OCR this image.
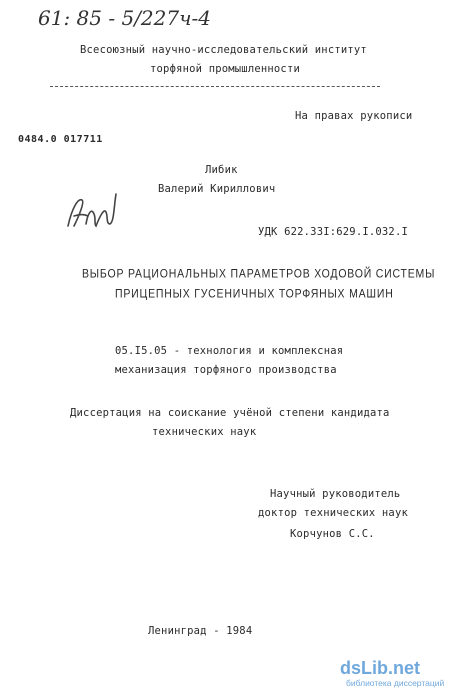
61: 85 - 5/227ч-4
Всесоюзный научно-исследовательский институт
торфяной промышленности
На правах рукописи
0484.0 017711
Либик
Валерий Кириллович
УДК 622.33I:629.I.032.I
ВЫБОР РАЦИОНАЛЬНЫХ ПАРАМЕТРОВ ХОДОВОЙ СИСТЕМЫ
ПРИЦЕПНЫХ ГУСЕНИЧНЫХ ТОРФЯНЫХ МАШИН
05.I5.05 - технология и комплексная
механизация торфяного производства
Диссертация на соискание учёной степени кандидата
технических наук
Научный руководитель
доктор технических наук
Корчунов С.С.
Ленинград - 1984
dsLib.net
библиотека диссертаций
